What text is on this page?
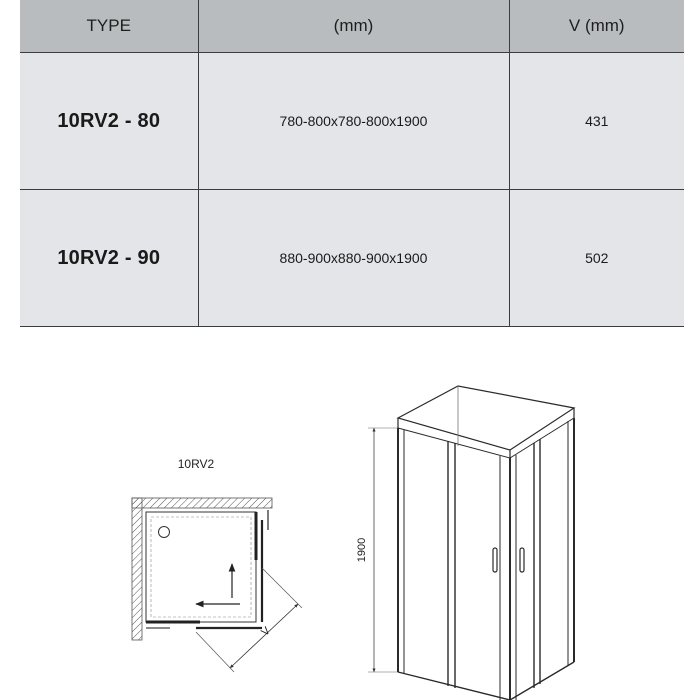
TYPE	(mm)	V (mm)
10RV2 - 80	780-800x780-800x1900	431
10RV2 - 90	880-900x880-900x1900	502
10RV2
V
1900
